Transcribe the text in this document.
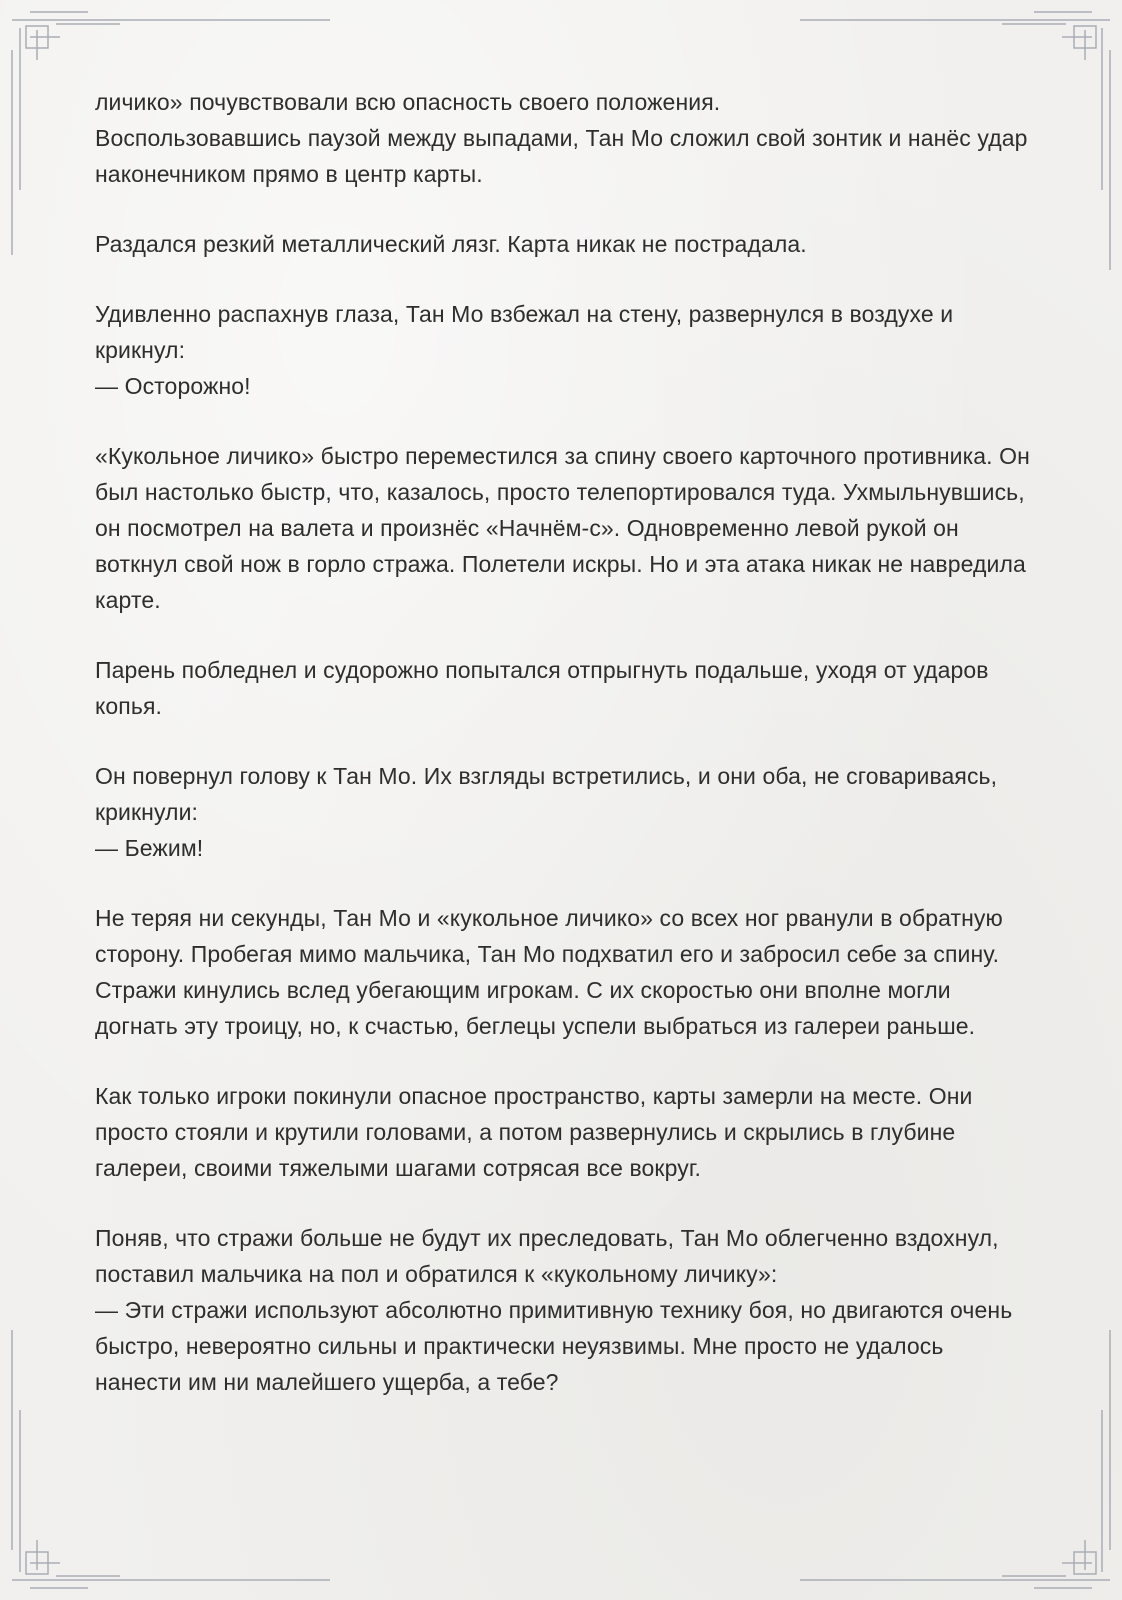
личико» почувствовали всю опасность своего положения.
Воспользовавшись паузой между выпадами, Тан Мо сложил свой зонтик и нанёс удар наконечником прямо в центр карты.

Раздался резкий металлический лязг. Карта никак не пострадала.

Удивленно распахнув глаза, Тан Мо взбежал на стену, развернулся в воздухе и крикнул:
— Осторожно!

«Кукольное личико» быстро переместился за спину своего карточного противника. Он был настолько быстр, что, казалось, просто телепортировался туда. Ухмыльнувшись, он посмотрел на валета и произнёс «Начнём-с». Одновременно левой рукой он воткнул свой нож в горло стража. Полетели искры. Но и эта атака никак не навредила карте.

Парень побледнел и судорожно попытался отпрыгнуть подальше, уходя от ударов копья.

Он повернул голову к Тан Мо. Их взгляды встретились, и они оба, не сговариваясь, крикнули:
— Бежим!

Не теряя ни секунды, Тан Мо и «кукольное личико» со всех ног рванули в обратную сторону. Пробегая мимо мальчика, Тан Мо подхватил его и забросил себе за спину. Стражи кинулись вслед убегающим игрокам. С их скоростью они вполне могли догнать эту троицу, но, к счастью, беглецы успели выбраться из галереи раньше.

Как только игроки покинули опасное пространство, карты замерли на месте. Они просто стояли и крутили головами, а потом развернулись и скрылись в глубине галереи, своими тяжелыми шагами сотрясая все вокруг.

Поняв, что стражи больше не будут их преследовать, Тан Мо облегченно вздохнул, поставил мальчика на пол и обратился к «кукольному личику»:
— Эти стражи используют абсолютно примитивную технику боя, но двигаются очень быстро, невероятно сильны и практически неуязвимы. Мне просто не удалось нанести им ни малейшего ущерба, а тебе?
